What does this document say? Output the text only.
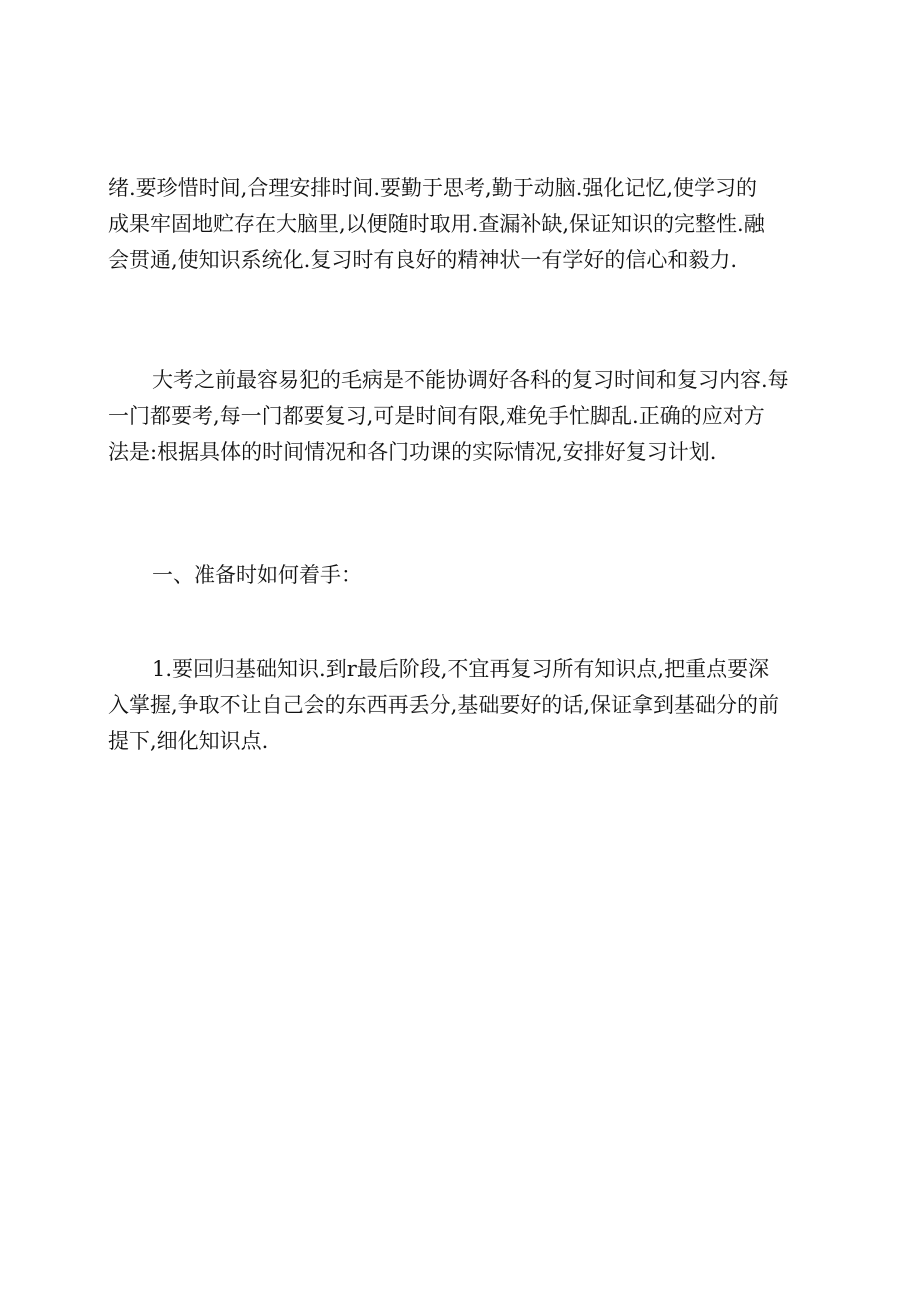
绪.要珍惜时间,合理安排时间.要勤于思考,勤于动脑.强化记忆,使学习的
成果牢固地贮存在大脑里,以便随时取用.查漏补缺,保证知识的完整性.融
会贯通,使知识系统化.复习时有良好的精神状一有学好的信心和毅力.
大考之前最容易犯的毛病是不能协调好各科的复习时间和复习内容.每
一门都要考,每一门都要复习,可是时间有限,难免手忙脚乱.正确的应对方
法是:根据具体的时间情况和各门功课的实际情况,安排好复习计划.
一、准备时如何着手：
1.要回归基础知识.到r最后阶段,不宜再复习所有知识点,把重点要深
入掌握,争取不让自己会的东西再丢分,基础要好的话,保证拿到基础分的前
提下,细化知识点.
